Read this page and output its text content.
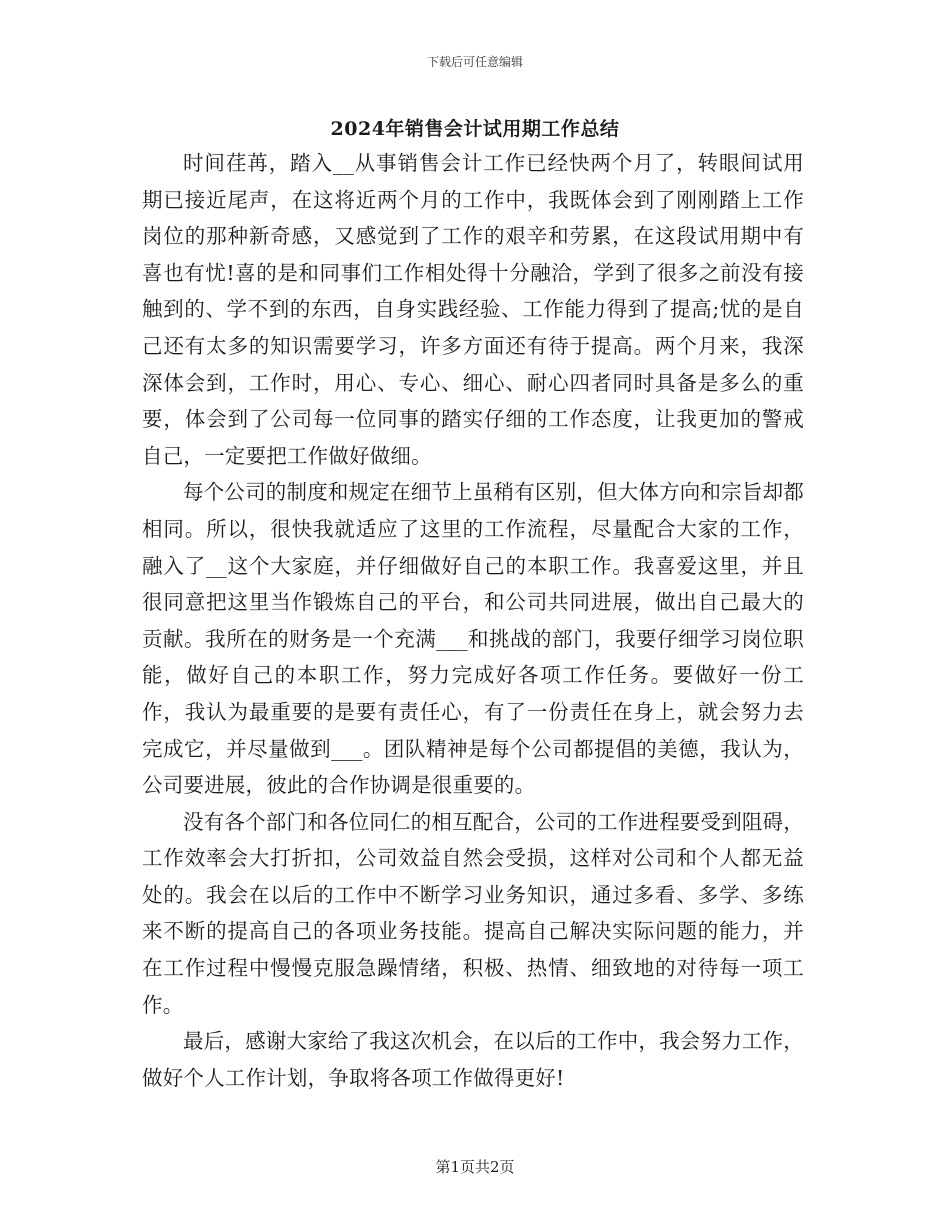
下载后可任意编辑
2024年销售会计试用期工作总结

时间荏苒，踏入__从事销售会计工作已经快两个月了，转眼间试用期已接近尾声，在这将近两个月的工作中，我既体会到了刚刚踏上工作岗位的那种新奇感，又感觉到了工作的艰辛和劳累，在这段试用期中有喜也有忧!喜的是和同事们工作相处得十分融洽，学到了很多之前没有接触到的、学不到的东西，自身实践经验、工作能力得到了提高;忧的是自己还有太多的知识需要学习，许多方面还有待于提高。两个月来，我深深体会到，工作时，用心、专心、细心、耐心四者同时具备是多么的重要，体会到了公司每一位同事的踏实仔细的工作态度，让我更加的警戒自己，一定要把工作做好做细。

每个公司的制度和规定在细节上虽稍有区别，但大体方向和宗旨却都相同。所以，很快我就适应了这里的工作流程，尽量配合大家的工作，融入了__这个大家庭，并仔细做好自己的本职工作。我喜爱这里，并且很同意把这里当作锻炼自己的平台，和公司共同进展，做出自己最大的贡献。我所在的财务是一个充满___和挑战的部门，我要仔细学习岗位职能，做好自己的本职工作，努力完成好各项工作任务。要做好一份工作，我认为最重要的是要有责任心，有了一份责任在身上，就会努力去完成它，并尽量做到___。团队精神是每个公司都提倡的美德，我认为，公司要进展，彼此的合作协调是很重要的。

没有各个部门和各位同仁的相互配合，公司的工作进程要受到阻碍，工作效率会大打折扣，公司效益自然会受损，这样对公司和个人都无益处的。我会在以后的工作中不断学习业务知识，通过多看、多学、多练来不断的提高自己的各项业务技能。提高自己解决实际问题的能力，并在工作过程中慢慢克服急躁情绪，积极、热情、细致地的对待每一项工作。

最后，感谢大家给了我这次机会，在以后的工作中，我会努力工作，做好个人工作计划，争取将各项工作做得更好!

第1页共2页
